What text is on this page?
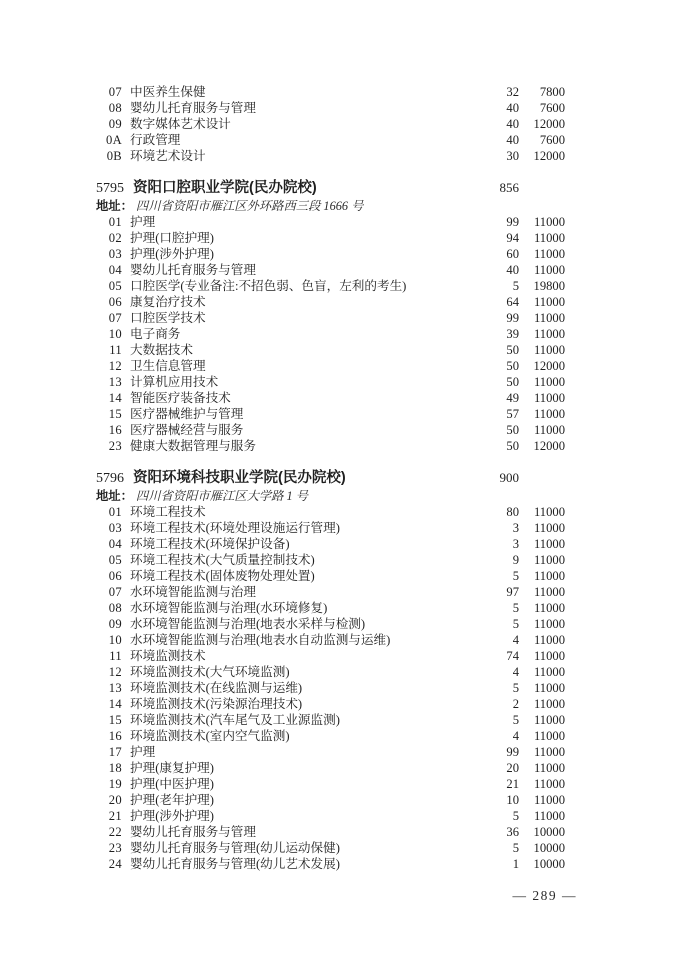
07 中医养生保健	32	7800
08 婴幼儿托育服务与管理	40	7600
09 数字媒体艺术设计	40	12000
0A 行政管理	40	7600
0B 环境艺术设计	30	12000
5795 资阳口腔职业学院(民办院校)	856
地址： 四川省资阳市雁江区外环路西三段 1666 号
01 护理	99	11000
02 护理(口腔护理)	94	11000
03 护理(涉外护理)	60	11000
04 婴幼儿托育服务与管理	40	11000
05 口腔医学(专业备注:不招色弱、色盲，左利的考生)	5	19800
06 康复治疗技术	64	11000
07 口腔医学技术	99	11000
10 电子商务	39	11000
11 大数据技术	50	11000
12 卫生信息管理	50	12000
13 计算机应用技术	50	11000
14 智能医疗装备技术	49	11000
15 医疗器械维护与管理	57	11000
16 医疗器械经营与服务	50	11000
23 健康大数据管理与服务	50	12000
5796 资阳环境科技职业学院(民办院校)	900
地址： 四川省资阳市雁江区大学路 1 号
01 环境工程技术	80	11000
03 环境工程技术(环境处理设施运行管理)	3	11000
04 环境工程技术(环境保护设备)	3	11000
05 环境工程技术(大气质量控制技术)	9	11000
06 环境工程技术(固体废物处理处置)	5	11000
07 水环境智能监测与治理	97	11000
08 水环境智能监测与治理(水环境修复)	5	11000
09 水环境智能监测与治理(地表水采样与检测)	5	11000
10 水环境智能监测与治理(地表水自动监测与运维)	4	11000
11 环境监测技术	74	11000
12 环境监测技术(大气环境监测)	4	11000
13 环境监测技术(在线监测与运维)	5	11000
14 环境监测技术(污染源治理技术)	2	11000
15 环境监测技术(汽车尾气及工业源监测)	5	11000
16 环境监测技术(室内空气监测)	4	11000
17 护理	99	11000
18 护理(康复护理)	20	11000
19 护理(中医护理)	21	11000
20 护理(老年护理)	10	11000
21 护理(涉外护理)	5	11000
22 婴幼儿托育服务与管理	36	10000
23 婴幼儿托育服务与管理(幼儿运动保健)	5	10000
24 婴幼儿托育服务与管理(幼儿艺术发展)	1	10000
— 289 —
